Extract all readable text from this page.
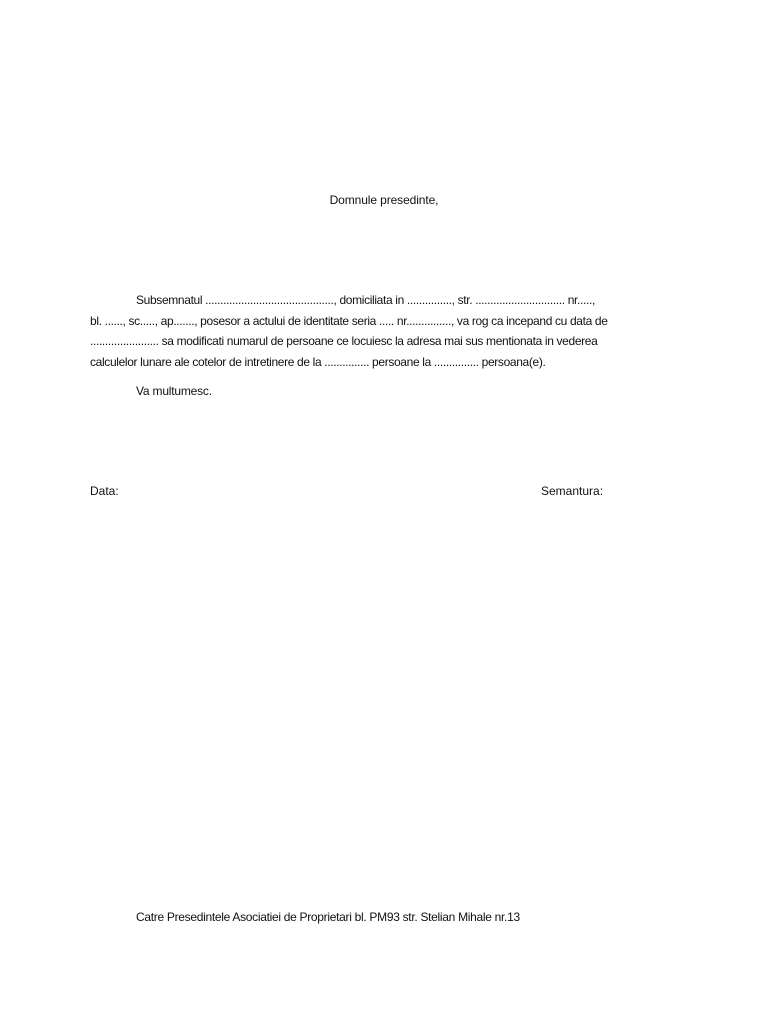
Domnule presedinte,
Subsemnatul ..........................................., domiciliata in ..............., str. .............................. nr.....,
bl. ......, sc....., ap......., posesor a actului de identitate seria ..... nr..............., va rog ca incepand cu data de
....................... sa modificati numarul de persoane ce locuiesc la adresa mai sus mentionata in vederea
calculelor lunare ale cotelor de intretinere de la ............... persoane la ............... persoana(e).
Va multumesc.
Data:	Semantura:
Catre Presedintele Asociatiei de Proprietari bl. PM93 str. Stelian Mihale nr.13
